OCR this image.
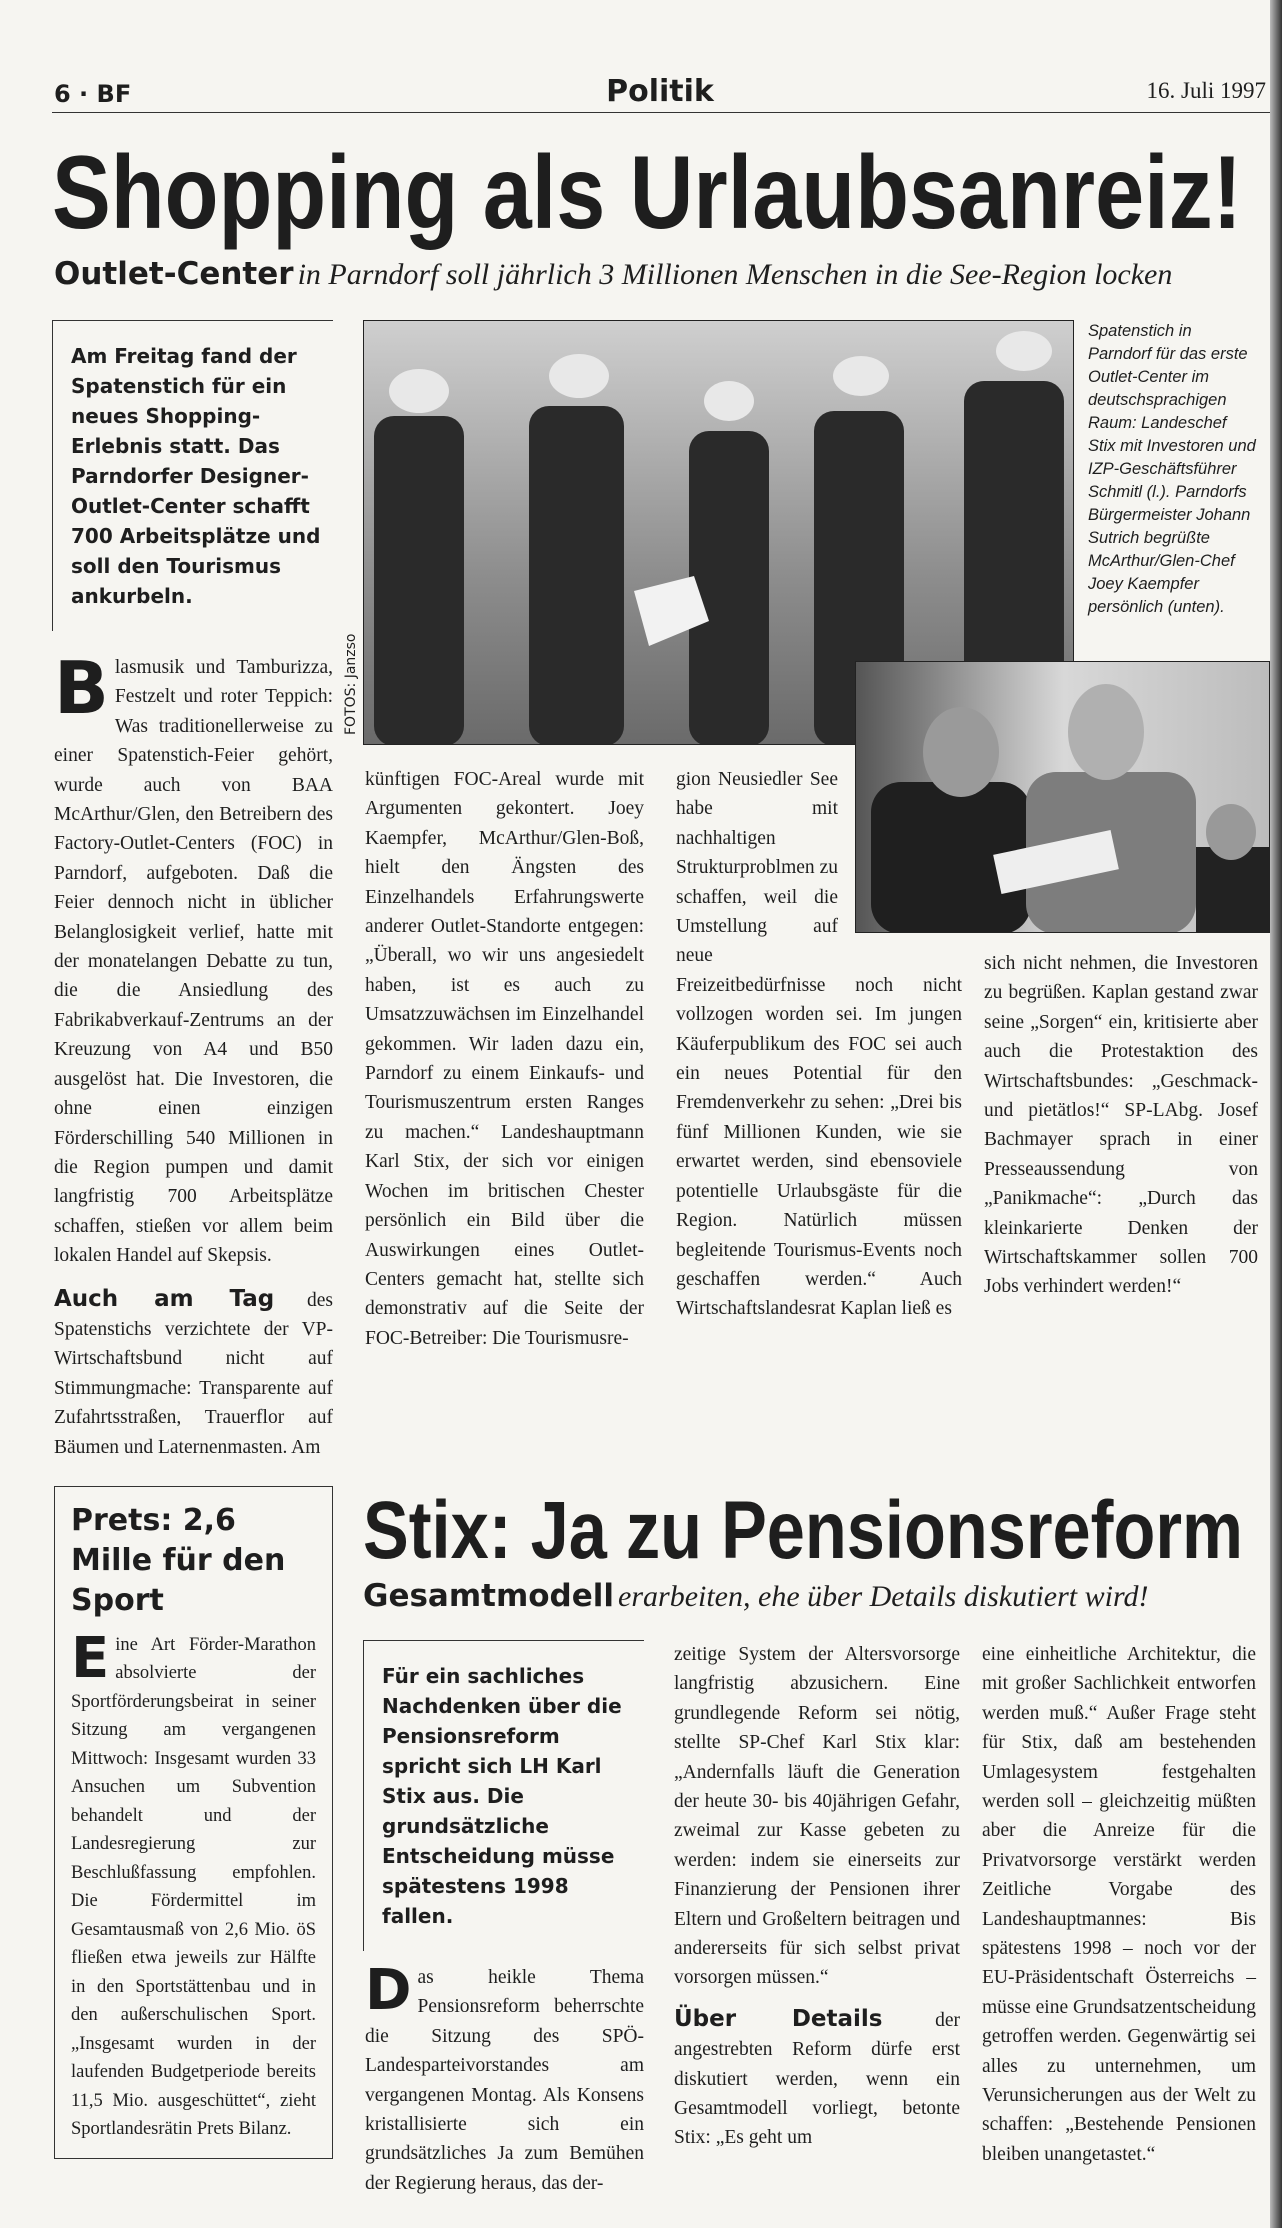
6 · BF	Politik	16. Juli 1997
Shopping als Urlaubsanreiz!
Outlet-Center in Parndorf soll jährlich 3 Millionen Menschen in die See-Region locken
Am Freitag fand der Spatenstich für ein neues Shopping-Erlebnis statt. Das Parndorfer Designer-Outlet-Center schafft 700 Arbeitsplätze und soll den Tourismus ankurbeln.

Blasmusik und Tamburizza, Festzelt und roter Teppich: Was traditionellerweise zu einer Spatenstich-Feier gehört, wurde auch von BAA McArthur/Glen, den Betreibern des Factory-Outlet-Centers (FOC) in Parndorf, aufgeboten. Daß die Feier dennoch nicht in üblicher Belanglosigkeit verlief, hatte mit der monatelangen Debatte zu tun, die die Ansiedlung des Fabrikabverkauf-Zentrums an der Kreuzung von A4 und B50 ausgelöst hat. Die Investoren, die ohne einen einzigen Förderschilling 540 Millionen in die Region pumpen und damit langfristig 700 Arbeitsplätze schaffen, stießen vor allem beim lokalen Handel auf Skepsis.

Auch am Tag des Spatenstichs verzichtete der VP-Wirtschaftsbund nicht auf Stimmungmache: Transparente auf Zufahrtsstraßen, Trauerflor auf Bäumen und Laternenmasten. Am

Spatenstich in Parndorf für das erste Outlet-Center im deutschsprachigen Raum: Landeschef Stix mit Investoren und IZP-Geschäftsführer Schmitl (l.). Parndorfs Bürgermeister Johann Sutrich begrüßte McArthur/Glen-Chef Joey Kaempfer persönlich (unten).
FOTOS: Janzso
künftigen FOC-Areal wurde mit Argumenten gekontert. Joey Kaempfer, McArthur/Glen-Boß, hielt den Ängsten des Einzelhandels Erfahrungswerte anderer Outlet-Standorte entgegen: „Überall, wo wir uns angesiedelt haben, ist es auch zu Umsatzzuwächsen im Einzelhandel gekommen. Wir laden dazu ein, Parndorf zu einem Einkaufs- und Tourismuszentrum ersten Ranges zu machen.“ Landeshauptmann Karl Stix, der sich vor einigen Wochen im britischen Chester persönlich ein Bild über die Auswirkungen eines Outlet-Centers gemacht hat, stellte sich demonstrativ auf die Seite der FOC-Betreiber: Die Tourismusre-
gion Neusiedler See habe mit nachhaltigen Strukturproblmen zu schaffen, weil die Umstellung auf neue Freizeitbedürfnisse noch nicht vollzogen worden sei. Im jungen Käuferpublikum des FOC sei auch ein neues Potential für den Fremdenverkehr zu sehen: „Drei bis fünf Millionen Kunden, wie sie erwartet werden, sind ebensoviele potentielle Urlaubsgäste für die Region. Natürlich müssen begleitende Tourismus-Events noch geschaffen werden.“ Auch Wirtschaftslandesrat Kaplan ließ es
sich nicht nehmen, die Investoren zu begrüßen. Kaplan gestand zwar seine „Sorgen“ ein, kritisierte aber auch die Protestaktion des Wirtschaftsbundes: „Geschmack- und pietätlos!“ SP-LAbg. Josef Bachmayer sprach in einer Presseaussendung von „Panikmache“: „Durch das kleinkarierte Denken der Wirtschaftskammer sollen 700 Jobs verhindert werden!“
Prets: 2,6 Mille für den Sport
Eine Art Förder-Marathon absolvierte der Sportförderungsbeirat in seiner Sitzung am vergangenen Mittwoch: Insgesamt wurden 33 Ansuchen um Subvention behandelt und der Landesregierung zur Beschlußfassung empfohlen. Die Fördermittel im Gesamtausmaß von 2,6 Mio. öS fließen etwa jeweils zur Hälfte in den Sportstättenbau und in den außerschulischen Sport. „Insgesamt wurden in der laufenden Budgetperiode bereits 11,5 Mio. ausgeschüttet“, zieht Sportlandesrätin Prets Bilanz.
Stix: Ja zu Pensionsreform
Gesamtmodell erarbeiten, ehe über Details diskutiert wird!
Für ein sachliches Nachdenken über die Pensionsreform spricht sich LH Karl Stix aus. Die grundsätzliche Entscheidung müsse spätestens 1998 fallen.
Das heikle Thema Pensionsreform beherrschte die Sitzung des SPÖ-Landesparteivorstandes am vergangenen Montag. Als Konsens kristallisierte sich ein grundsätzliches Ja zum Bemühen der Regierung heraus, das der-

zeitige System der Altersvorsorge langfristig abzusichern. Eine grundlegende Reform sei nötig, stellte SP-Chef Karl Stix klar: „Andernfalls läuft die Generation der heute 30- bis 40jährigen Gefahr, zweimal zur Kasse gebeten zu werden: indem sie einerseits zur Finanzierung der Pensionen ihrer Eltern und Großeltern beitragen und andererseits für sich selbst privat vorsorgen müssen.“

Über Details der angestrebten Reform dürfe erst diskutiert werden, wenn ein Gesamtmodell vorliegt, betonte Stix: „Es geht um

eine einheitliche Architektur, die mit großer Sachlichkeit entworfen werden muß.“ Außer Frage steht für Stix, daß am bestehenden Umlagesystem festgehalten werden soll – gleichzeitig müßten aber die Anreize für die Privatvorsorge verstärkt werden Zeitliche Vorgabe des Landeshauptmannes: Bis spätestens 1998 – noch vor der EU-Präsidentschaft Österreichs – müsse eine Grundsatzentscheidung getroffen werden. Gegenwärtig sei alles zu unternehmen, um Verunsicherungen aus der Welt zu schaffen: „Bestehende Pensionen bleiben unangetastet.“
